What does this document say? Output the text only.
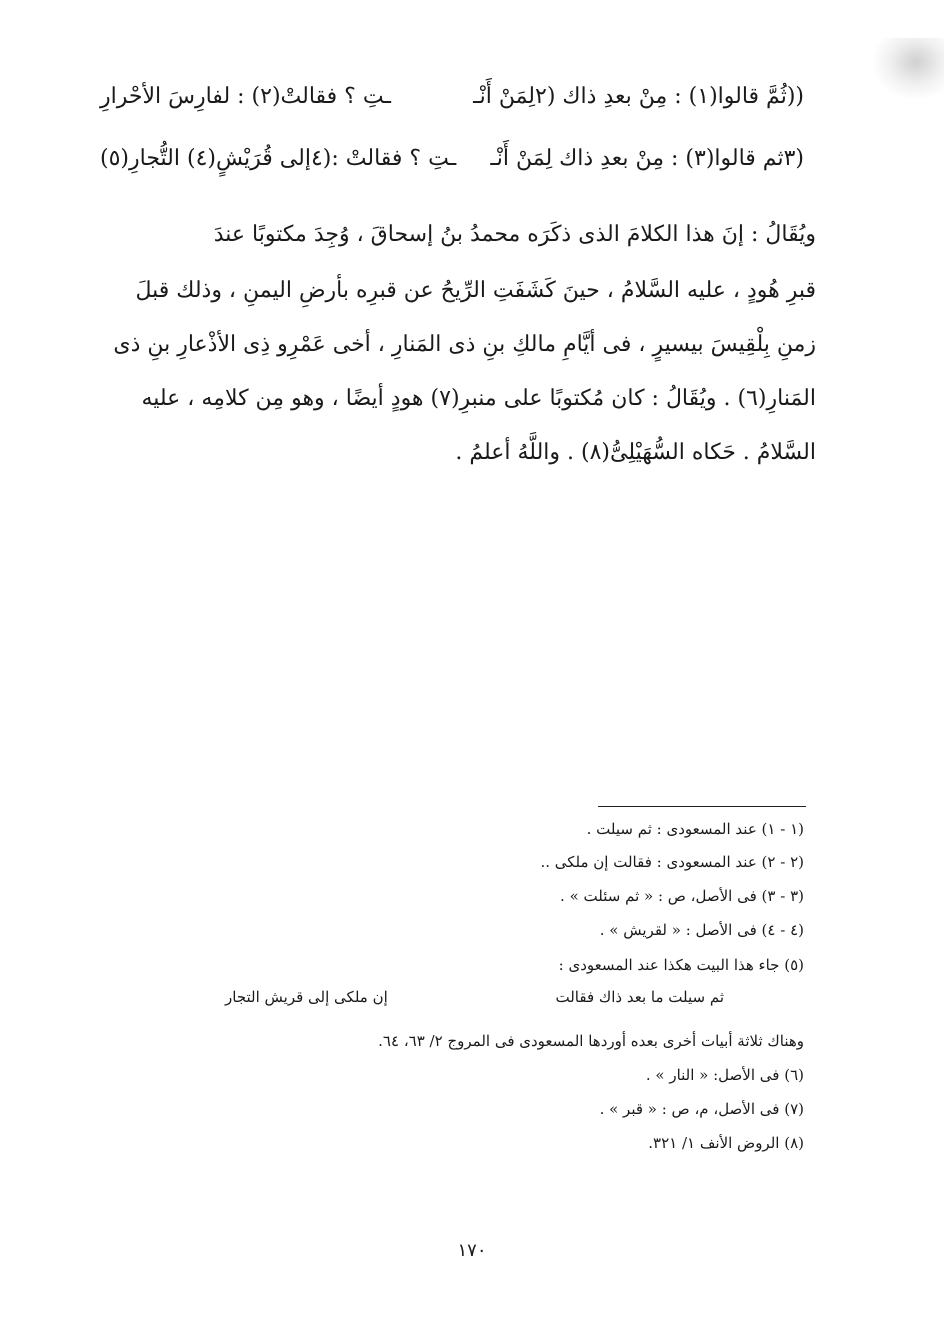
((ثُمَّ قالوا(١) : مِنْ بعدِ ذاك (٢لِمَنْ أَنْـ
ـتِ ؟ فقالتْ(٢) : لفارِسَ الأحْرارِ
(٣ثم قالوا(٣) : مِنْ بعدِ ذاك لِمَنْ أَنْـ
ـتِ ؟ فقالتْ :(٤إلى قُرَيْشٍ(٤) التُّجارِ(٥)
ويُقَالُ : إنَ هذا الكلامَ الذى ذكَرَه محمدُ بنُ إسحاقَ ، وُجِدَ مكتوبًا عندَ
قبرِ هُودٍ ، عليه السَّلامُ ، حينَ كَشَفَتِ الرِّيحُ عن قبرِه بأرضِ اليمنِ ، وذلك قبلَ
زمنِ بِلْقِيسَ بيسيرٍ ، فى أيَّامِ مالكِ بنِ ذى المَنارِ ، أخى عَمْرِو ذِى الأذْعارِ بنِ ذى
المَنارِ(٦) . ويُقَالُ : كان مُكتوبًا على منبرِ(٧) هودٍ أيضًا ، وهو مِن كلامِه ، عليه
السَّلامُ . حَكاه السُّهَيْلِىُّ(٨) . واللَّهُ أعلمُ .
(١ - ١) عند المسعودى : ثم سيلت .
(٢ - ٢) عند المسعودى : فقالت إن ملكى ..
(٣ - ٣) فى الأصل، ص : « ثم سئلت » .
(٤ - ٤) فى الأصل : « لقريش » .
(٥) جاء هذا البيت هكذا عند المسعودى :
ثم سيلت ما بعد ذاك فقالت
إن ملكى إلى قريش التجار
وهناك ثلاثة أبيات أخرى بعده أوردها المسعودى فى المروج ٢/ ٦٣، ٦٤.
(٦) فى الأصل: « النار » .
(٧) فى الأصل، م، ص : « قبر » .
(٨) الروض الأنف ١/ ٣٢١.
١٧٠
